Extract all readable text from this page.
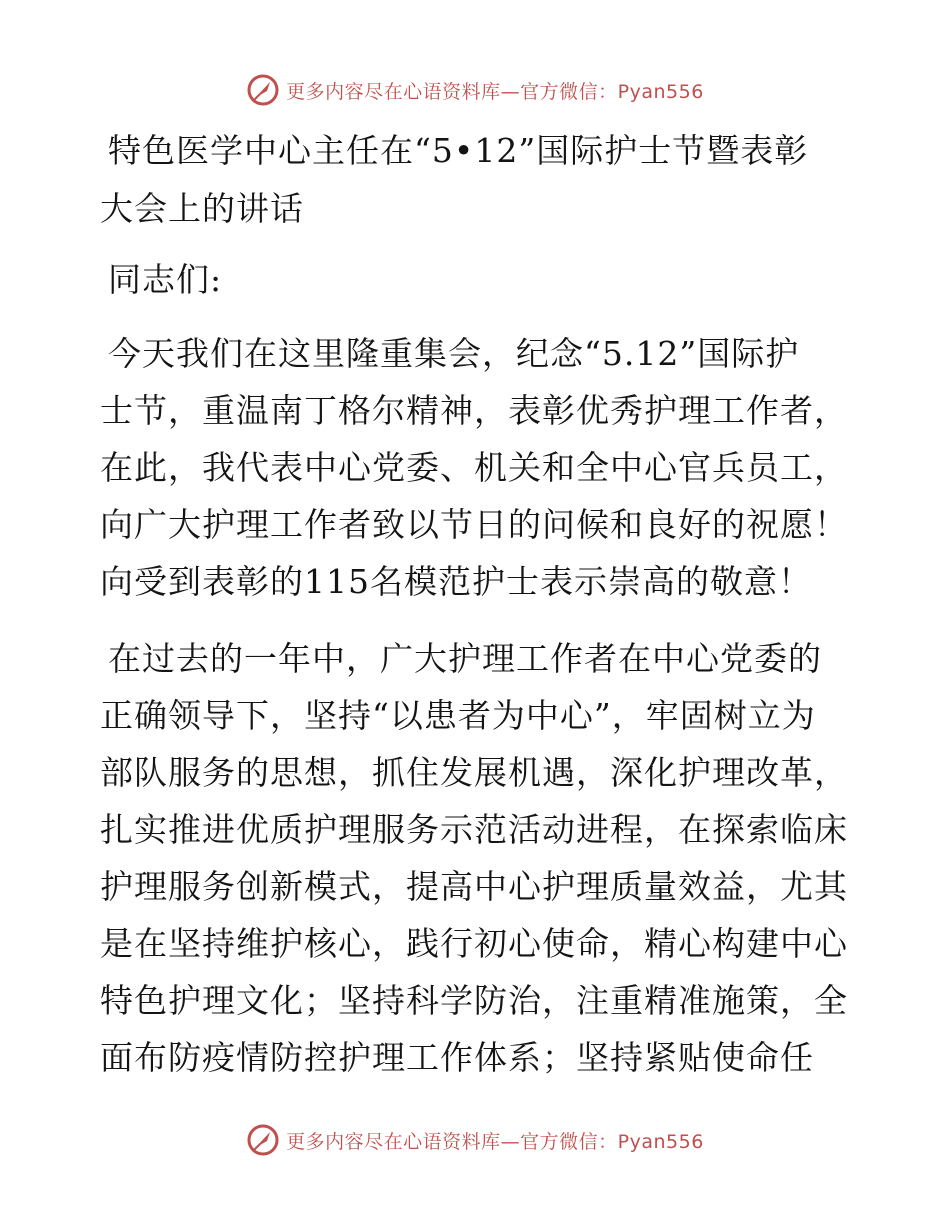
更多内容尽在心语资料库—官方微信：Pyan556
特色医学中心主任在“5•12”国际护士节暨表彰
大会上的讲话
同志们:
今天我们在这里隆重集会，纪念“5.12”国际护
士节，重温南丁格尔精神，表彰优秀护理工作者，
在此，我代表中心党委、机关和全中心官兵员工，
向广大护理工作者致以节日的问候和良好的祝愿！
向受到表彰的115名模范护士表示崇高的敬意！
在过去的一年中，广大护理工作者在中心党委的
正确领导下，坚持“以患者为中心”，牢固树立为
部队服务的思想，抓住发展机遇，深化护理改革，
扎实推进优质护理服务示范活动进程，在探索临床
护理服务创新模式，提高中心护理质量效益，尤其
是在坚持维护核心，践行初心使命，精心构建中心
特色护理文化；坚持科学防治，注重精准施策，全
面布防疫情防控护理工作体系；坚持紧贴使命任
更多内容尽在心语资料库—官方微信：Pyan556
